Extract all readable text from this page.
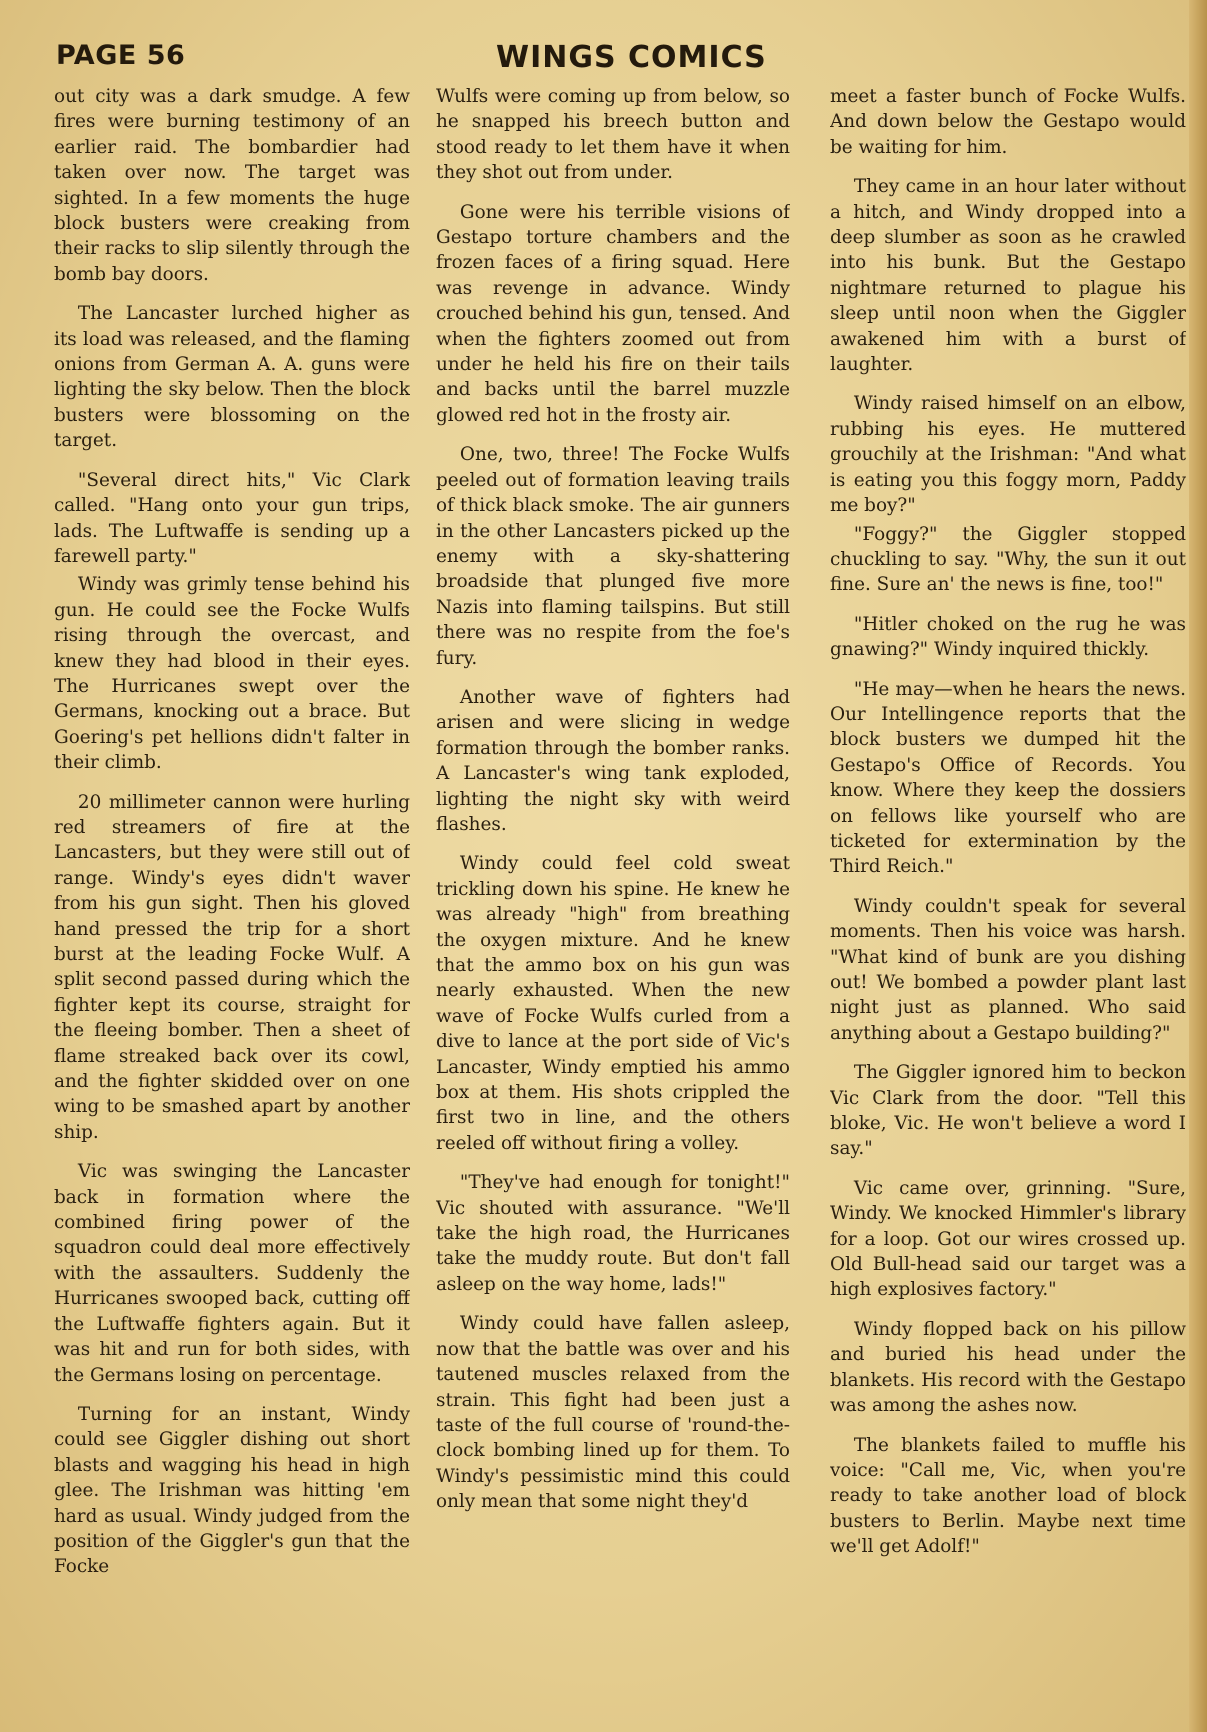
PAGE 56	WINGS COMICS

out city was a dark smudge. A few fires were burning testimony of an earlier raid. The bombardier had taken over now. The target was sighted. In a few moments the huge block busters were creaking from their racks to slip silently through the bomb bay doors.

The Lancaster lurched higher as its load was released, and the flaming onions from German A. A. guns were lighting the sky below. Then the block busters were blossoming on the target.

"Several direct hits," Vic Clark called. "Hang onto your gun trips, lads. The Luftwaffe is sending up a farewell party."

Windy was grimly tense behind his gun. He could see the Focke Wulfs rising through the overcast, and knew they had blood in their eyes. The Hurricanes swept over the Germans, knocking out a brace. But Goering's pet hellions didn't falter in their climb.

20 millimeter cannon were hurling red streamers of fire at the Lancasters, but they were still out of range. Windy's eyes didn't waver from his gun sight. Then his gloved hand pressed the trip for a short burst at the leading Focke Wulf. A split second passed during which the fighter kept its course, straight for the fleeing bomber. Then a sheet of flame streaked back over its cowl, and the fighter skidded over on one wing to be smashed apart by another ship.

Vic was swinging the Lancaster back in formation where the combined firing power of the squadron could deal more effectively with the assaulters. Suddenly the Hurricanes swooped back, cutting off the Luftwaffe fighters again. But it was hit and run for both sides, with the Germans losing on percentage.

Turning for an instant, Windy could see Giggler dishing out short blasts and wagging his head in high glee. The Irishman was hitting 'em hard as usual. Windy judged from the position of the Giggler's gun that the Focke

Wulfs were coming up from below, so he snapped his breech button and stood ready to let them have it when they shot out from under.

Gone were his terrible visions of Gestapo torture chambers and the frozen faces of a firing squad. Here was revenge in advance. Windy crouched behind his gun, tensed. And when the fighters zoomed out from under he held his fire on their tails and backs until the barrel muzzle glowed red hot in the frosty air.

One, two, three! The Focke Wulfs peeled out of formation leaving trails of thick black smoke. The air gunners in the other Lancasters picked up the enemy with a sky-shattering broadside that plunged five more Nazis into flaming tailspins. But still there was no respite from the foe's fury.

Another wave of fighters had arisen and were slicing in wedge formation through the bomber ranks. A Lancaster's wing tank exploded, lighting the night sky with weird flashes.

Windy could feel cold sweat trickling down his spine. He knew he was already "high" from breathing the oxygen mixture. And he knew that the ammo box on his gun was nearly exhausted. When the new wave of Focke Wulfs curled from a dive to lance at the port side of Vic's Lancaster, Windy emptied his ammo box at them. His shots crippled the first two in line, and the others reeled off without firing a volley.

"They've had enough for tonight!" Vic shouted with assurance. "We'll take the high road, the Hurricanes take the muddy route. But don't fall asleep on the way home, lads!"

Windy could have fallen asleep, now that the battle was over and his tautened muscles relaxed from the strain. This fight had been just a taste of the full course of 'round-the-clock bombing lined up for them. To Windy's pessimistic mind this could only mean that some night they'd

meet a faster bunch of Focke Wulfs. And down below the Gestapo would be waiting for him.

They came in an hour later without a hitch, and Windy dropped into a deep slumber as soon as he crawled into his bunk. But the Gestapo nightmare returned to plague his sleep until noon when the Giggler awakened him with a burst of laughter.

Windy raised himself on an elbow, rubbing his eyes. He muttered grouchily at the Irishman: "And what is eating you this foggy morn, Paddy me boy?"

"Foggy?" the Giggler stopped chuckling to say. "Why, the sun it out fine. Sure an' the news is fine, too!"

"Hitler choked on the rug he was gnawing?" Windy inquired thickly.

"He may—when he hears the news. Our Intellingence reports that the block busters we dumped hit the Gestapo's Office of Records. You know. Where they keep the dossiers on fellows like yourself who are ticketed for extermination by the Third Reich."

Windy couldn't speak for several moments. Then his voice was harsh. "What kind of bunk are you dishing out! We bombed a powder plant last night just as planned. Who said anything about a Gestapo building?"

The Giggler ignored him to beckon Vic Clark from the door. "Tell this bloke, Vic. He won't believe a word I say."

Vic came over, grinning. "Sure, Windy. We knocked Himmler's library for a loop. Got our wires crossed up. Old Bull-head said our target was a high explosives factory."

Windy flopped back on his pillow and buried his head under the blankets. His record with the Gestapo was among the ashes now.

The blankets failed to muffle his voice: "Call me, Vic, when you're ready to take another load of block busters to Berlin. Maybe next time we'll get Adolf!"
